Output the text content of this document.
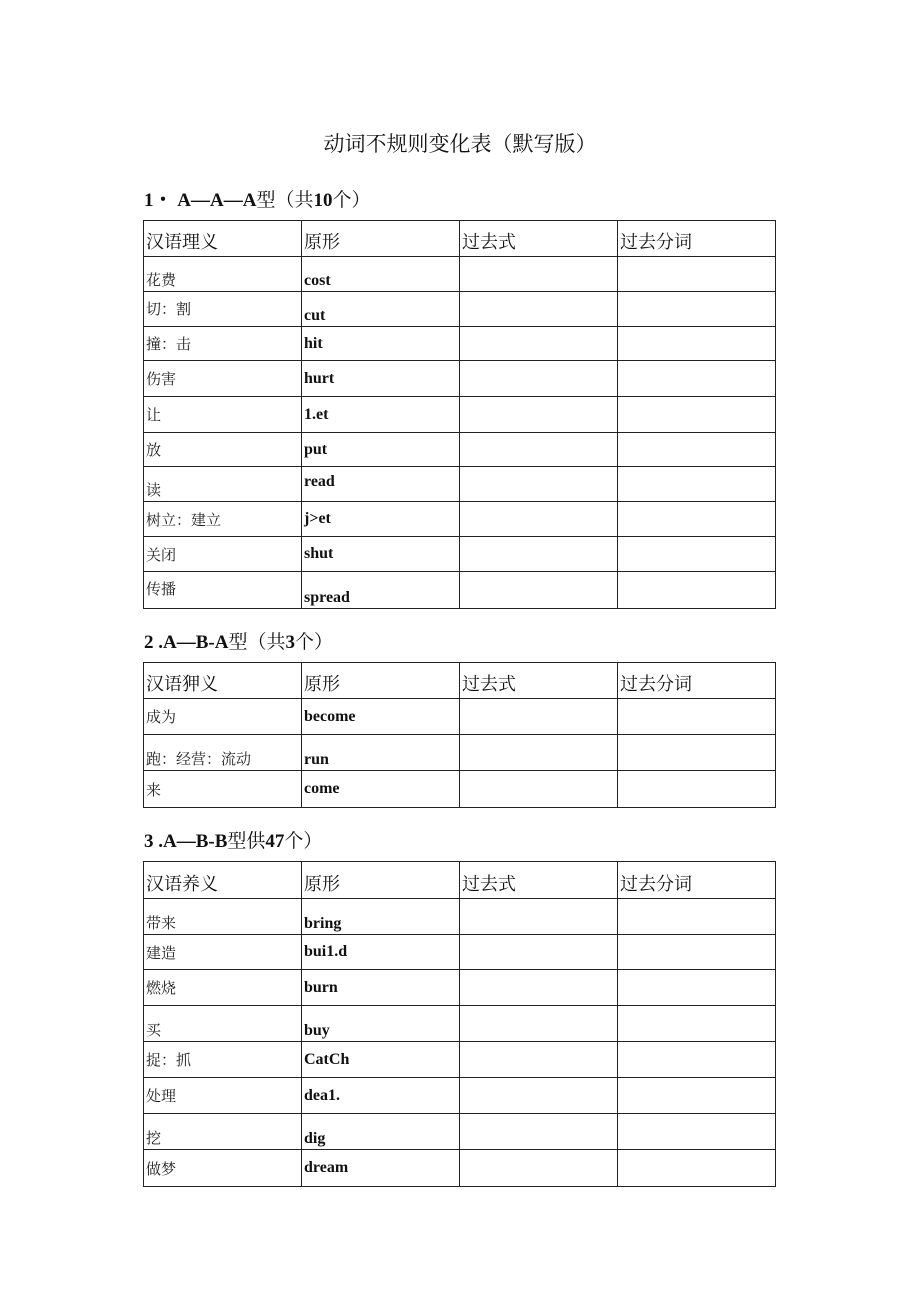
动词不规则变化表（默写版）
1・ A—A—A型（共10个）
汉语理义	原形	过去式	过去分词
花费	cost		
切：割	cut		
撞：击	hit		
伤害	hurt		
让	1.et		
放	put		
读	read		
树立：建立	j>et		
关闭	shut		
传播	spread		
2 .A—B-A型（共3个）
汉语狎义	原形	过去式	过去分词
成为	become		
跑：经营：流动	run		
来	come		
3 .A—B-B型供47个）
汉语养义	原形	过去式	过去分词
带来	bring		
建造	bui1.d		
燃烧	burn		
买	buy		
捉：抓	CatCh		
处理	dea1.		
挖	dig		
做梦	dream		
